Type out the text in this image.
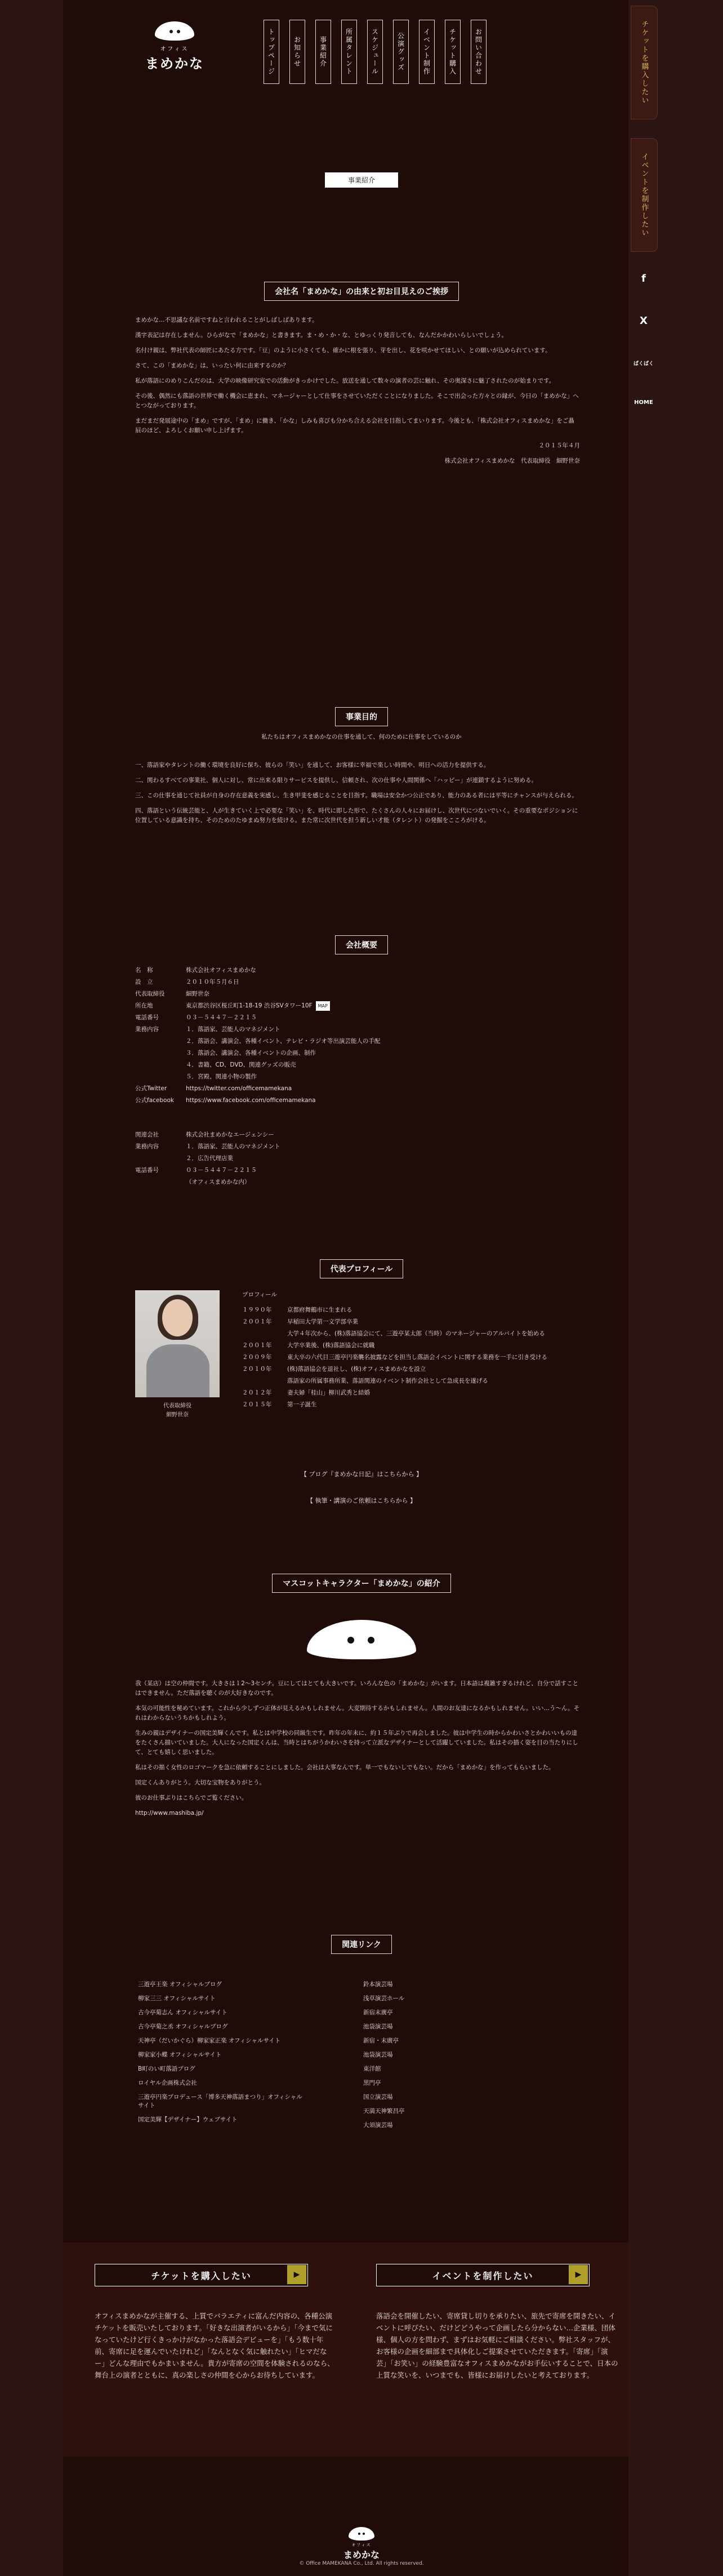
オフィス
まめかな	トップページ	お知らせ	事業紹介	所属タレント	スケジュール	公演グッズ	イベント制作	チケット購入	お問い合わせ	チケットを購入したい
イベントを制作したい
f
X
ぱくぱく
HOME
事業紹介
会社名「まめかな」の由来と初お目見えのご挨拶

まめかな…不思議な名前ですねと言われることがしばしばあります。

漢字表記は存在しません。ひらがなで「まめかな」と書きます。ま・め・か・な、とゆっくり発音しても、なんだかかわいらしいでしょう。

名付け親は、弊社代表の師匠にあたる方です。「豆」のように小さくても、確かに根を張り、芽を出し、花を咲かせてほしい、との願いが込められています。

さて、この「まめかな」は、いったい何に由来するのか？

私が落語にのめりこんだのは、大学の映像研究室での活動がきっかけでした。放送を通して数々の演者の芸に触れ、その奥深さに魅了されたのが始まりです。

その後、偶然にも落語の世界で働く機会に恵まれ、マネージャーとして仕事をさせていただくことになりました。そこで出会った方々との縁が、今日の「まめかな」へとつながっております。

まだまだ発展途中の「まめ」ですが、「まめ」に働き、「かな」しみも喜びも分かち合える会社を目指してまいります。今後とも、「株式会社オフィスまめかな」をご贔屓のほど、よろしくお願い申し上げます。

２０１５年４月

株式会社オフィスまめかな　代表取締役　細野世奈

事業目的
私たちはオフィスまめかなの仕事を通して、何のために仕事をしているのか

一、落語家やタレントの働く環境を良好に保ち、彼らの「笑い」を通して、お客様に幸福で楽しい時間や、明日への活力を提供する。

二、関わるすべての事業社、個人に対し、常に出来る限りサービスを提供し、信頼され、次の仕事や人間関係へ「ハッピー」が連鎖するように努める。

三、この仕事を通じて社員が自身の存在意義を実感し、生き甲斐を感じることを目指す。職場は安全かつ公正であり、能力のある者には平等にチャンスが与えられる。

四、落語という伝統芸能と、人が生きていく上で必要な「笑い」を、時代に即した形で、たくさんの人々にお届けし、次世代につないでいく。その重要なポジションに位置している意識を持ち、そのためのたゆまぬ努力を続ける。また常に次世代を担う新しい才能（タレント）の発掘をこころがける。

会社概要
名　称	株式会社オフィスまめかな
設　立	２０１０年５月６日
代表取締役	細野世奈
所在地	東京都渋谷区桜丘町1-18-19 渋谷SVタワー10F MAP
電話番号	０３－５４４７－２２１５
業務内容	１．落語家、芸能人のマネジメント
	２．落語会、講演会、各種イベント、テレビ・ラジオ等出演芸能人の手配
	３．落語会、講演会、各種イベントの企画、制作
	４．書籍、CD、DVD、関連グッズの販売
	５．宮殿、関連小物の製作
公式Twitter	https://twitter.com/officemamekana
公式facebook	https://www.facebook.com/officemamekana
関連会社	株式会社まめかなエージェンシー
業務内容	１．落語家、芸能人のマネジメント
	２．広告代理店業
電話番号	０３－５４４７－２２１５
	（オフィスまめかな内）
代表プロフィール
代表取締役
細野世奈
プロフィール
１９９０年	京都府舞鶴市に生まれる
２００１年	早稲田大学第一文学部卒業
	大学４年次から、(株)落語協会にて、三遊亭某太郎（当時）のマネージャーのアルバイトを始める
２００１年	大学卒業後、(株)落語協会に就職
２００９年	東大卒の六代目三遊亭円楽襲名披露などを担当し落語会イベントに関する業務を一手に引き受ける
２０１０年	(株)落語協会を退社し、(株)オフィスまめかなを設立
	落語家の所属事務所業、落語関連のイベント制作会社として急成長を遂げる
２０１２年	妻夫婦「桂山」柳川武秀と結婚
２０１５年	第一子誕生
【 ブログ『まめかな日記』はこちらから 】
【 執筆・講演のご依頼はこちらから 】
マスコットキャラクター「まめかな」の紹介

我（某店）は空の仲間です。大きさは１2～3センチ。豆にしてはとても大きいです。いろんな色の「まめかな」がいます。日本語は複雑すぎるけれど、自分で話すことはできません。ただ落語を聴くのが大好きなのです。

本気の可能性を秘めています。これから少しずつ正体が見えるかもしれません。大変期待するかもしれません。人間のお友達になるかもしれません。いい…う～ん。それはわからないうちかもしれよう。

生みの親はデザイナーの国定美輝くんです。私とは中学校の同級生です。昨年の年末に、約１５年ぶりで再会しました。彼は中学生の時からかわいさとかわいいもの達をたくさん描いていました。大人になった国定くんは、当時とはちがうかわいさを持って立派なデザイナーとして活躍していました。私はその描く姿を目の当たりにして、とても嬉しく思いました。

私はその描く女性のロゴマークを急に依頼することにしました。会社は大事なんです。単一でもないしでもない。だから「まめかな」を作ってもらいました。

国定くんありがとう。大切な宝物をありがとう。

彼のお仕事ぶりはこちらでご覧ください。

http://www.mashiba.jp/

関連リンク
三遊亭王楽 オフィシャルブログ
柳家三三 オフィシャルサイト
古今亭菊志ん オフィシャルサイト
古今亭菊之丞 オフィシャルブログ
天神亭（だいかぐら）柳家家正楽 オフィシャルサイト
柳家家小蝶 オフィシャルサイト
B町のい町落語ブログ
ロイヤル企画株式会社
三遊亭円楽プロデュース「博多天神落語まつり」オフィシャルサイト
国定美輝【デザイナー】ウェブサイト
鈴本演芸場
浅草演芸ホール
新宿末廣亭
池袋演芸場
新宿・末廣亭
池袋演芸場
東洋館
黒門亭
国立演芸場
天満天神繁昌亭
大須演芸場
チケットを購入したい	▶	イベントを制作したい	▶
オフィスまめかなが主催する、上質でバラエティに富んだ内容の、各種公演チケットを販売いたしております。「好きな出演者がいるから」「今まで気になっていたけど行くきっかけがなかった落語会デビューを」「もう数十年前、寄席に足を運んでいたけれど」「なんとなく気に触れたい」「ヒマだなー」どんな理由でもかまいません。貴方が寄席の空間を体験されるのなら、舞台上の演者とともに、真の楽しさの仲間を心からお待ちしています。
落語会を開催したい、寄席貸し切りを承りたい、旅先で寄席を開きたい、イベントに呼びたい、だけどどうやって企画したら分からない…企業様、団体様、個人の方を問わず、まずはお気軽にご相談ください。弊社スタッフが、お客様の企画を細部まで具体化しご提案させていただきます。「寄席」「演芸」「お笑い」の経験豊富なオフィスまめかながお手伝いすることで、日本の上質な笑いを、いつまでも、皆様にお届けしたいと考えております。
オフィス
まめかな
© Office MAMEKANA Co., Ltd. All rights reserved.
